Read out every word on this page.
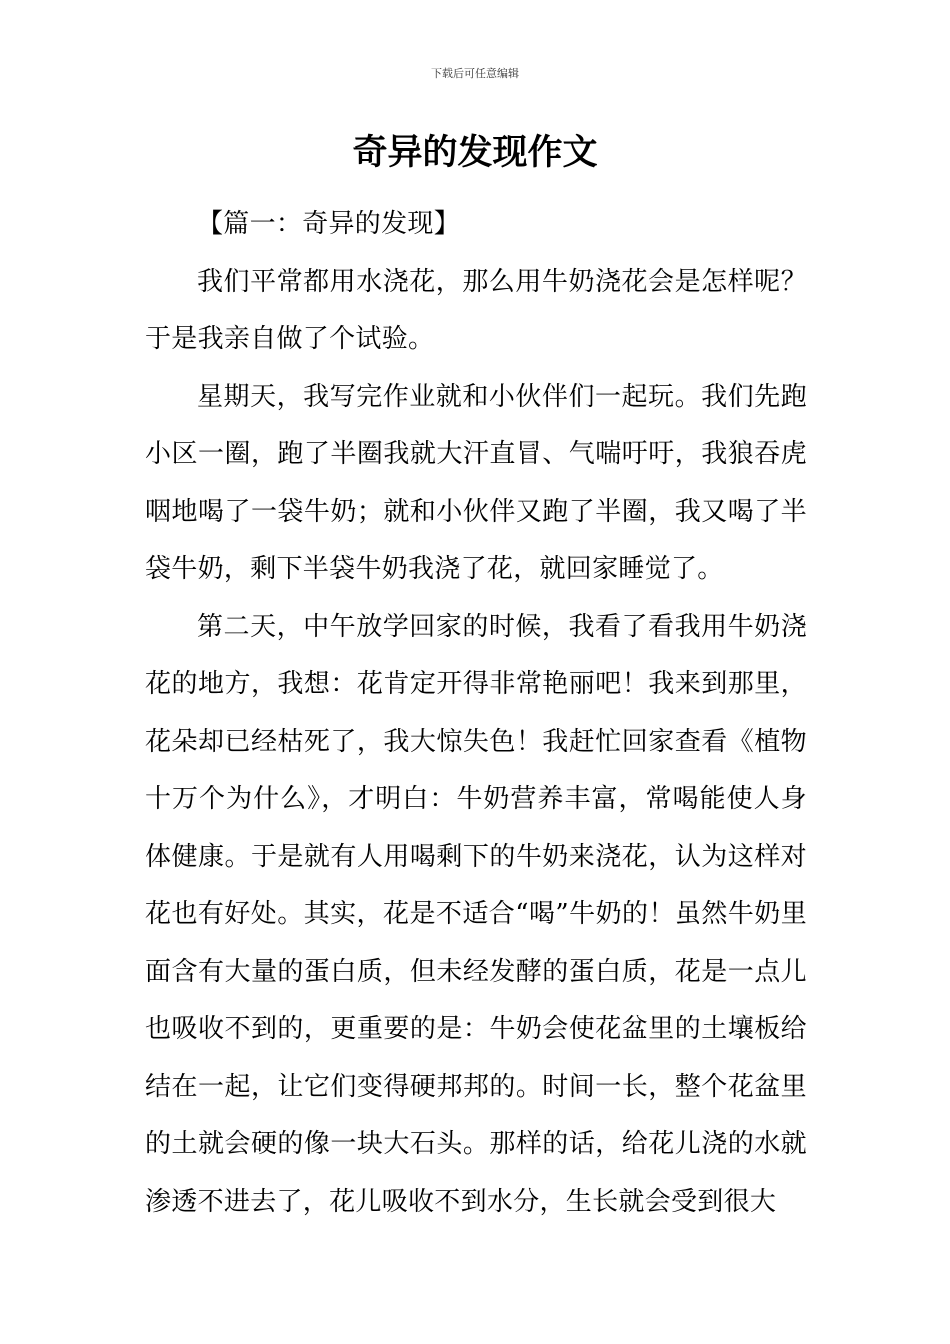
下载后可任意编辑
奇异的发现作文

【篇一：奇异的发现】

我们平常都用水浇花，那么用牛奶浇花会是怎样呢？于是我亲自做了个试验。

星期天，我写完作业就和小伙伴们一起玩。我们先跑小区一圈，跑了半圈我就大汗直冒、气喘吁吁，我狼吞虎咽地喝了一袋牛奶；就和小伙伴又跑了半圈，我又喝了半袋牛奶，剩下半袋牛奶我浇了花，就回家睡觉了。

第二天，中午放学回家的时候，我看了看我用牛奶浇花的地方，我想：花肯定开得非常艳丽吧！我来到那里，花朵却已经枯死了，我大惊失色！我赶忙回家查看《植物十万个为什么》，才明白：牛奶营养丰富，常喝能使人身体健康。于是就有人用喝剩下的牛奶来浇花，认为这样对花也有好处。其实，花是不适合“喝”牛奶的！虽然牛奶里面含有大量的蛋白质，但未经发酵的蛋白质，花是一点儿也吸收不到的，更重要的是：牛奶会使花盆里的土壤板给结在一起，让它们变得硬邦邦的。时间一长，整个花盆里的土就会硬的像一块大石头。那样的话，给花儿浇的水就渗透不进去了，花儿吸收不到水分，生长就会受到很大
